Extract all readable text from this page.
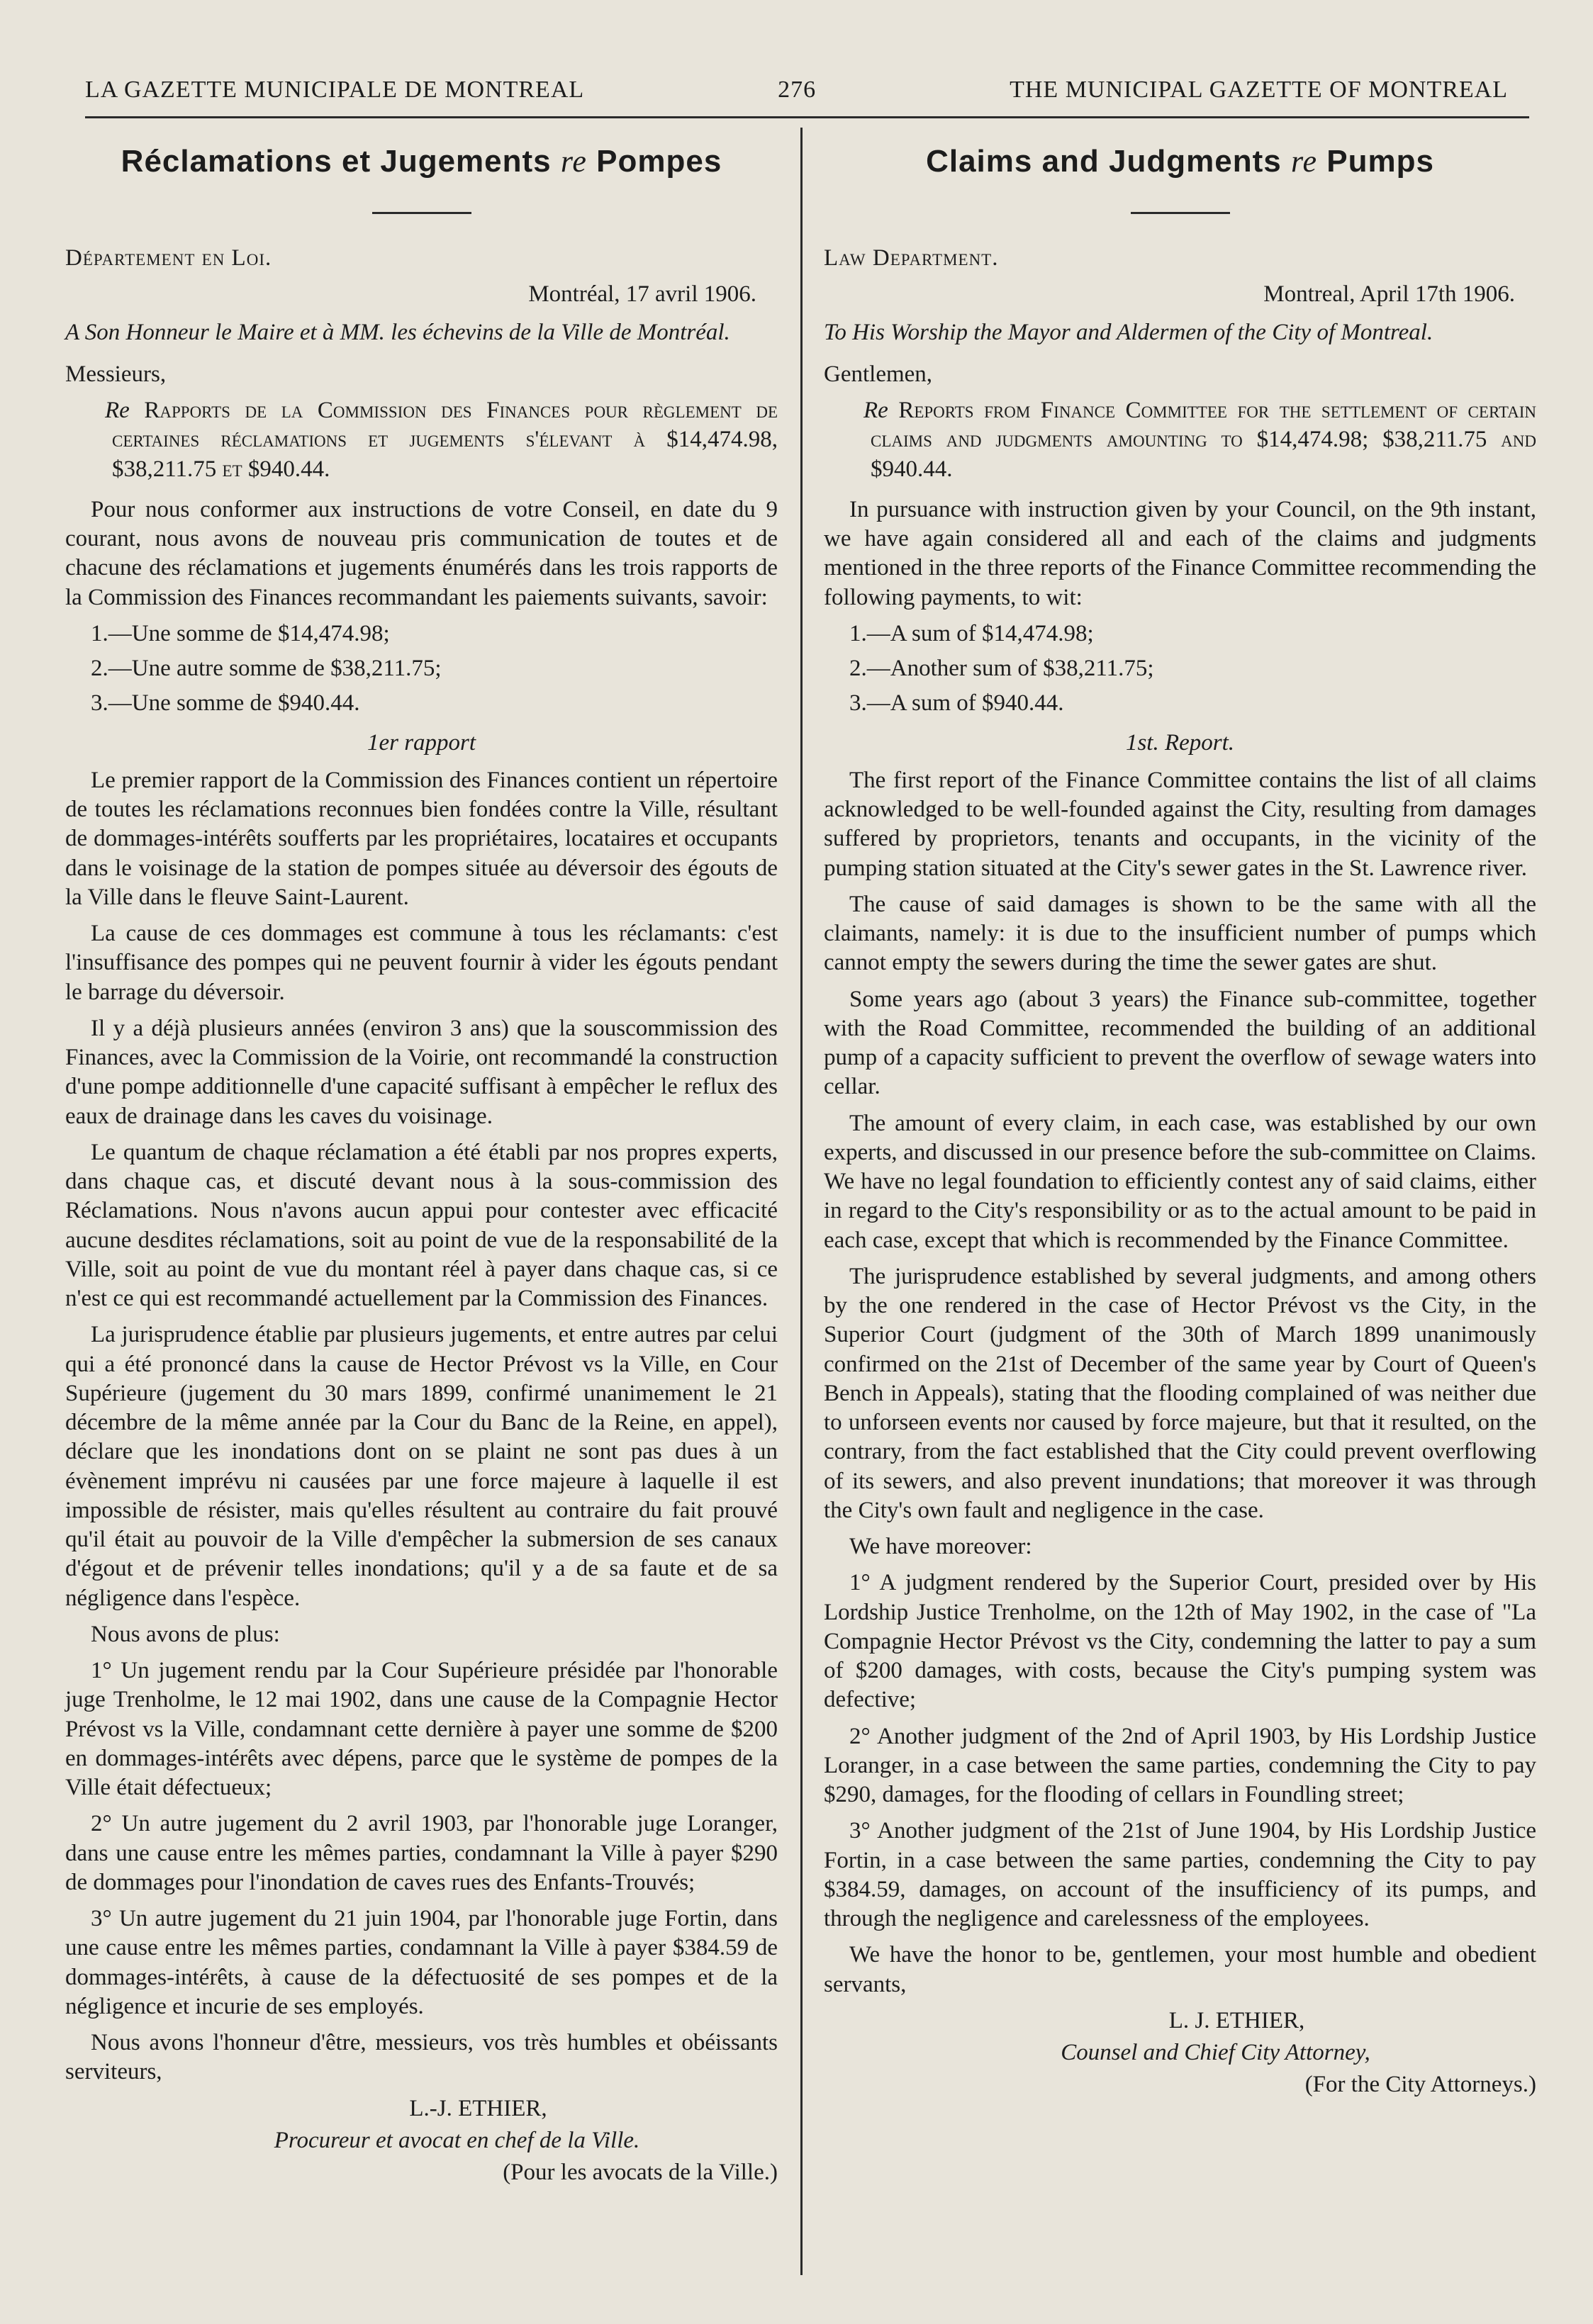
LA GAZETTE MUNICIPALE DE MONTREAL	276	THE MUNICIPAL GAZETTE OF MONTREAL
Réclamations et Jugements re Pompes
Département en Loi.
Montréal, 17 avril 1906.
A Son Honneur le Maire et à MM. les échevins de la Ville de Montréal.
Messieurs,
Re Rapports de la Commission des Finances pour règlement de certaines réclamations et jugements s'élevant à $14,474.98, $38,211.75 et $940.44.

Pour nous conformer aux instructions de votre Conseil, en date du 9 courant, nous avons de nouveau pris communication de toutes et de chacune des réclamations et jugements énumérés dans les trois rapports de la Commission des Finances recommandant les paiements suivants, savoir:

1.—Une somme de $14,474.98;
2.—Une autre somme de $38,211.75;
3.—Une somme de $940.44.
1er rapport

Le premier rapport de la Commission des Finances contient un répertoire de toutes les réclamations reconnues bien fondées contre la Ville, résultant de dommages-intérêts soufferts par les propriétaires, locataires et occupants dans le voisinage de la station de pompes située au déversoir des égouts de la Ville dans le fleuve Saint-Laurent.

La cause de ces dommages est commune à tous les réclamants: c'est l'insuffisance des pompes qui ne peuvent fournir à vider les égouts pendant le barrage du déversoir.

Il y a déjà plusieurs années (environ 3 ans) que la souscommission des Finances, avec la Commission de la Voirie, ont recommandé la construction d'une pompe additionnelle d'une capacité suffisant à empêcher le reflux des eaux de drainage dans les caves du voisinage.

Le quantum de chaque réclamation a été établi par nos propres experts, dans chaque cas, et discuté devant nous à la sous-commission des Réclamations. Nous n'avons aucun appui pour contester avec efficacité aucune desdites réclamations, soit au point de vue de la responsabilité de la Ville, soit au point de vue du montant réel à payer dans chaque cas, si ce n'est ce qui est recommandé actuellement par la Commission des Finances.

La jurisprudence établie par plusieurs jugements, et entre autres par celui qui a été prononcé dans la cause de Hector Prévost vs la Ville, en Cour Supérieure (jugement du 30 mars 1899, confirmé unanimement le 21 décembre de la même année par la Cour du Banc de la Reine, en appel), déclare que les inondations dont on se plaint ne sont pas dues à un évènement imprévu ni causées par une force majeure à laquelle il est impossible de résister, mais qu'elles résultent au contraire du fait prouvé qu'il était au pouvoir de la Ville d'empêcher la submersion de ses canaux d'égout et de prévenir telles inondations; qu'il y a de sa faute et de sa négligence dans l'espèce.

Nous avons de plus:

1° Un jugement rendu par la Cour Supérieure présidée par l'honorable juge Trenholme, le 12 mai 1902, dans une cause de la Compagnie Hector Prévost vs la Ville, condamnant cette dernière à payer une somme de $200 en dommages-intérêts avec dépens, parce que le système de pompes de la Ville était défectueux;

2° Un autre jugement du 2 avril 1903, par l'honorable juge Loranger, dans une cause entre les mêmes parties, condamnant la Ville à payer $290 de dommages pour l'inondation de caves rues des Enfants-Trouvés;

3° Un autre jugement du 21 juin 1904, par l'honorable juge Fortin, dans une cause entre les mêmes parties, condamnant la Ville à payer $384.59 de dommages-intérêts, à cause de la défectuosité de ses pompes et de la négligence et incurie de ses employés.

Nous avons l'honneur d'être, messieurs, vos très humbles et obéissants serviteurs,

L.-J. ETHIER,
Procureur et avocat en chef de la Ville.
(Pour les avocats de la Ville.)
Claims and Judgments re Pumps
Law Department.
Montreal, April 17th 1906.
To His Worship the Mayor and Aldermen of the City of Montreal.
Gentlemen,
Re Reports from Finance Committee for the settlement of certain claims and judgments amounting to $14,474.98; $38,211.75 and $940.44.

In pursuance with instruction given by your Council, on the 9th instant, we have again considered all and each of the claims and judgments mentioned in the three reports of the Finance Committee recommending the following payments, to wit:

1.—A sum of $14,474.98;
2.—Another sum of $38,211.75;
3.—A sum of $940.44.
1st. Report.

The first report of the Finance Committee contains the list of all claims acknowledged to be well-founded against the City, resulting from damages suffered by proprietors, tenants and occupants, in the vicinity of the pumping station situated at the City's sewer gates in the St. Lawrence river.

The cause of said damages is shown to be the same with all the claimants, namely: it is due to the insufficient number of pumps which cannot empty the sewers during the time the sewer gates are shut.

Some years ago (about 3 years) the Finance sub-committee, together with the Road Committee, recommended the building of an additional pump of a capacity sufficient to prevent the overflow of sewage waters into cellar.

The amount of every claim, in each case, was established by our own experts, and discussed in our presence before the sub-committee on Claims. We have no legal foundation to efficiently contest any of said claims, either in regard to the City's responsibility or as to the actual amount to be paid in each case, except that which is recommended by the Finance Committee.

The jurisprudence established by several judgments, and among others by the one rendered in the case of Hector Prévost vs the City, in the Superior Court (judgment of the 30th of March 1899 unanimously confirmed on the 21st of December of the same year by Court of Queen's Bench in Appeals), stating that the flooding complained of was neither due to unforseen events nor caused by force majeure, but that it resulted, on the contrary, from the fact established that the City could prevent overflowing of its sewers, and also prevent inundations; that moreover it was through the City's own fault and negligence in the case.

We have moreover:

1° A judgment rendered by the Superior Court, presided over by His Lordship Justice Trenholme, on the 12th of May 1902, in the case of "La Compagnie Hector Prévost vs the City, condemning the latter to pay a sum of $200 damages, with costs, because the City's pumping system was defective;

2° Another judgment of the 2nd of April 1903, by His Lordship Justice Loranger, in a case between the same parties, condemning the City to pay $290, damages, for the flooding of cellars in Foundling street;

3° Another judgment of the 21st of June 1904, by His Lordship Justice Fortin, in a case between the same parties, condemning the City to pay $384.59, damages, on account of the insufficiency of its pumps, and through the negligence and carelessness of the employees.

We have the honor to be, gentlemen, your most humble and obedient servants,

L. J. ETHIER,
Counsel and Chief City Attorney,
(For the City Attorneys.)
